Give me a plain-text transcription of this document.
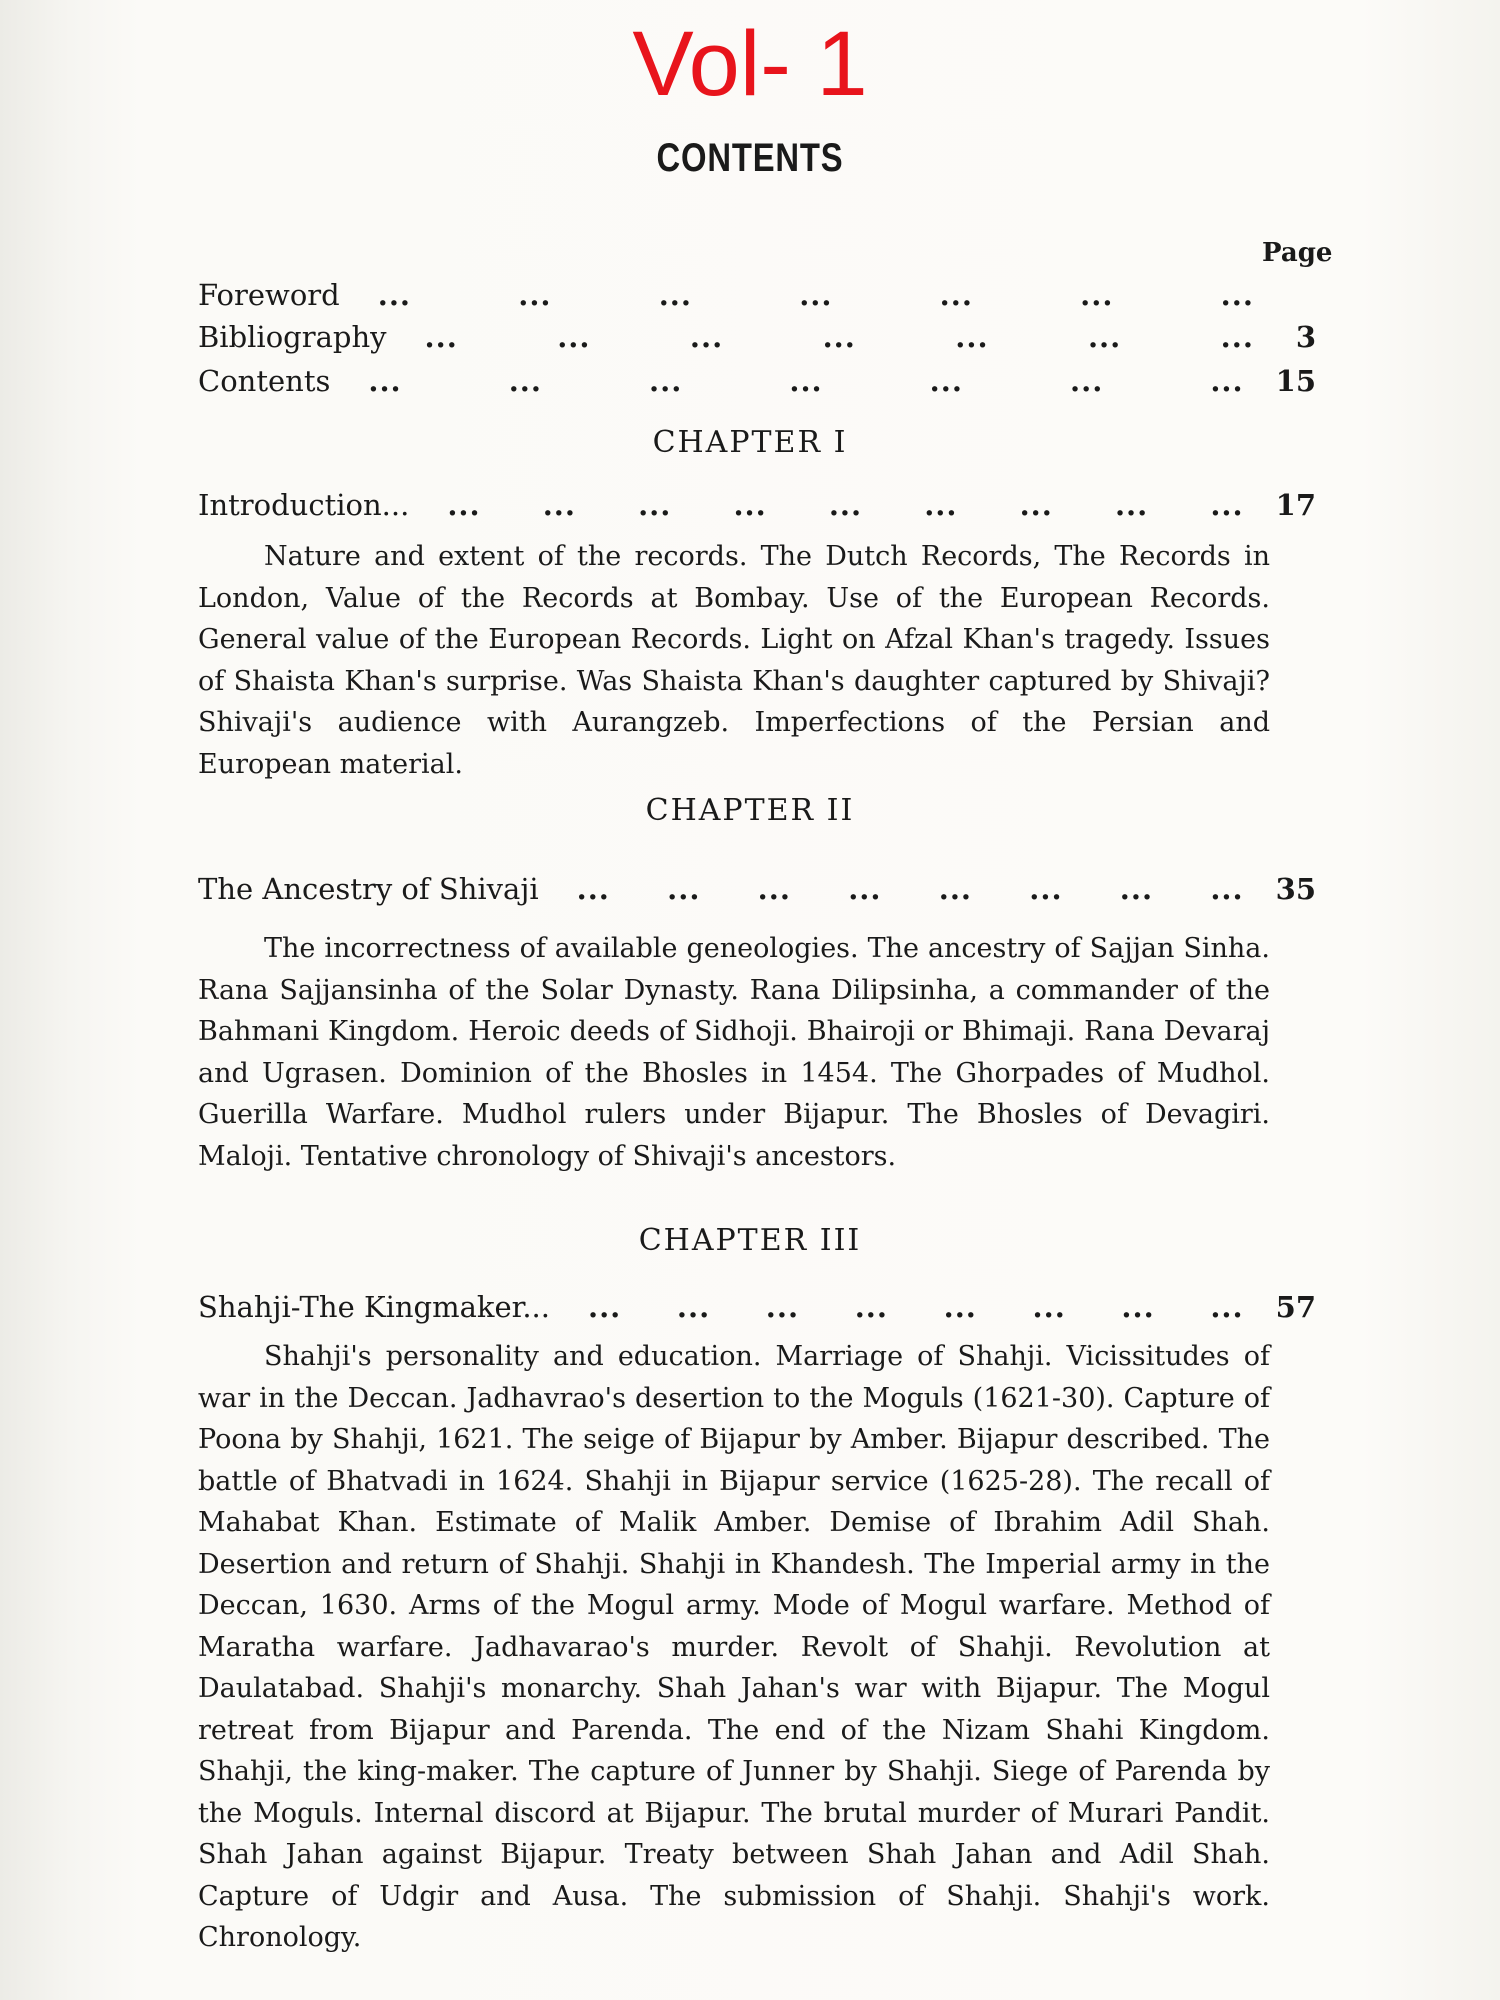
Vol- 1
CONTENTS
Page
Foreword ...	...	...	...	...	...	...
Bibliography ...	...	...	...	...	...	...	3
Contents ...	...	...	...	...	...	... 15
CHAPTER I
Introduction... ... ... ... ... ... ... ... ... ... 17
Nature and extent of the records. The Dutch Records, The Records in London, Value of the Records at Bombay. Use of the European Records. General value of the European Records. Light on Afzal Khan's tragedy. Issues of Shaista Khan's surprise. Was Shaista Khan's daughter captured by Shivaji? Shivaji's audience with Aurangzeb. Imperfections of the Persian and European material.
CHAPTER II
The Ancestry of Shivaji ... ... ... ... ... ... ... ... 35
The incorrectness of available geneologies. The ancestry of Sajjan Sinha. Rana Sajjansinha of the Solar Dynasty. Rana Dilipsinha, a commander of the Bahmani Kingdom. Heroic deeds of Sidhoji. Bhairoji or Bhimaji. Rana Devaraj and Ugrasen. Dominion of the Bhosles in 1454. The Ghorpades of Mudhol. Guerilla Warfare. Mudhol rulers under Bijapur. The Bhosles of Devagiri. Maloji. Tentative chronology of Shivaji's ancestors.
CHAPTER III
Shahji-The Kingmaker... ... ... ... ... ... ... ... ... 57
Shahji's personality and education. Marriage of Shahji. Vicissitudes of war in the Deccan. Jadhavrao's desertion to the Moguls (1621-30). Capture of Poona by Shahji, 1621. The seige of Bijapur by Amber. Bijapur described. The battle of Bhatvadi in 1624. Shahji in Bijapur service (1625-28). The recall of Mahabat Khan. Estimate of Malik Amber. Demise of Ibrahim Adil Shah. Desertion and return of Shahji. Shahji in Khandesh. The Imperial army in the Deccan, 1630. Arms of the Mogul army. Mode of Mogul warfare. Method of Maratha warfare. Jadhavarao's murder. Revolt of Shahji. Revolution at Daulatabad. Shahji's monarchy. Shah Jahan's war with Bijapur. The Mogul retreat from Bijapur and Parenda. The end of the Nizam Shahi Kingdom. Shahji, the king-maker. The capture of Junner by Shahji. Siege of Parenda by the Moguls. Internal discord at Bijapur. The brutal murder of Murari Pandit. Shah Jahan against Bijapur. Treaty between Shah Jahan and Adil Shah. Capture of Udgir and Ausa. The submission of Shahji. Shahji's work. Chronology.
